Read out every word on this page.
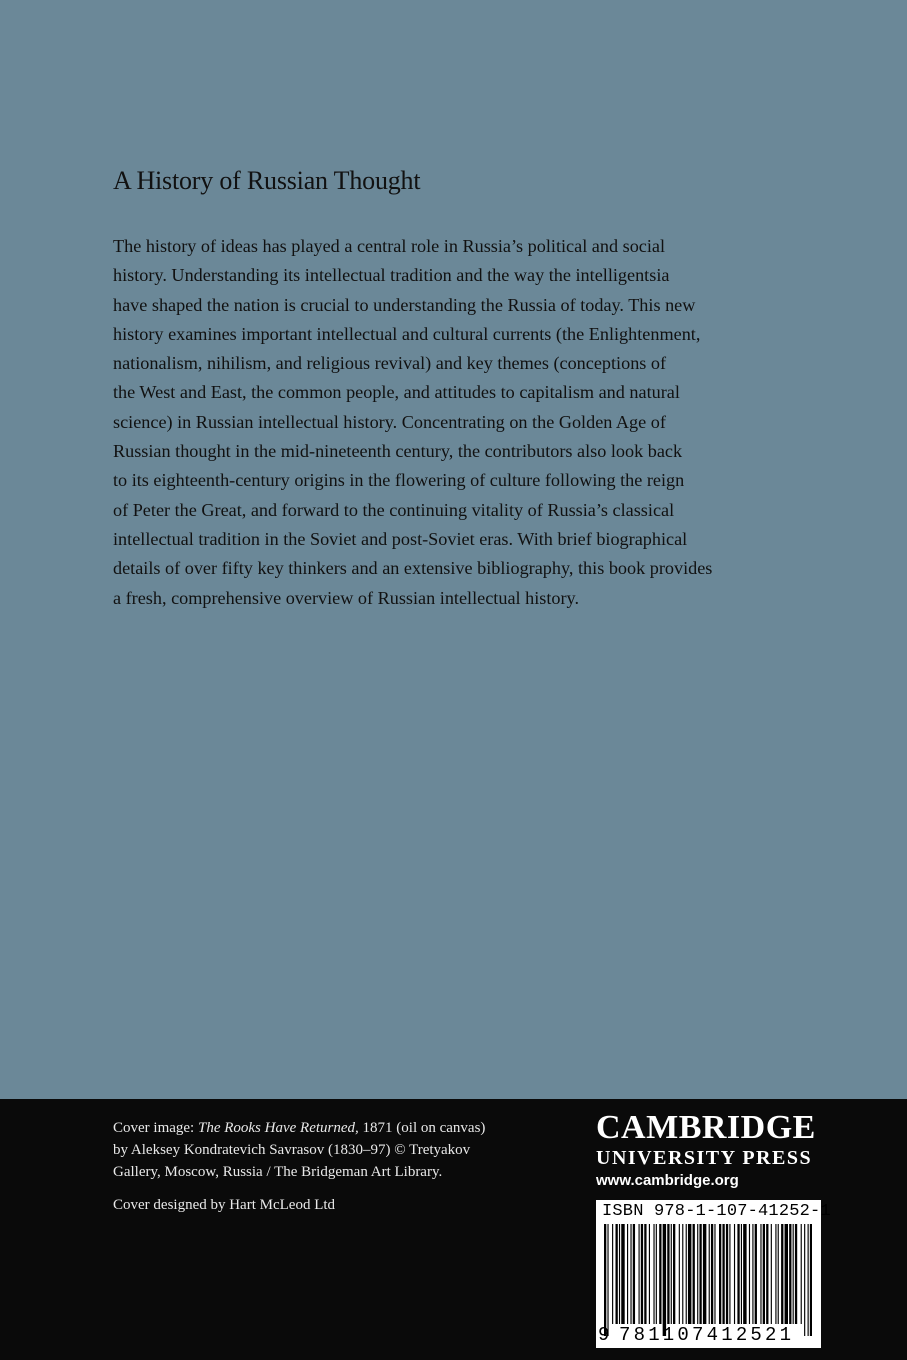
A History of Russian Thought
The history of ideas has played a central role in Russia’s political and social
history. Understanding its intellectual tradition and the way the intelligentsia
have shaped the nation is crucial to understanding the Russia of today. This new
history examines important intellectual and cultural currents (the Enlightenment,
nationalism, nihilism, and religious revival) and key themes (conceptions of
the West and East, the common people, and attitudes to capitalism and natural
science) in Russian intellectual history. Concentrating on the Golden Age of
Russian thought in the mid-nineteenth century, the contributors also look back
to its eighteenth-century origins in the flowering of culture following the reign
of Peter the Great, and forward to the continuing vitality of Russia’s classical
intellectual tradition in the Soviet and post-Soviet eras. With brief biographical
details of over fifty key thinkers and an extensive bibliography, this book provides
a fresh, comprehensive overview of Russian intellectual history.
Cover image: The Rooks Have Returned, 1871 (oil on canvas)
by Aleksey Kondratevich Savrasov (1830–97) © Tretyakov
Gallery, Moscow, Russia / The Bridgeman Art Library.
Cover designed by Hart McLeod Ltd
CAMBRIDGE
UNIVERSITY PRESS
www.cambridge.org
ISBN 978-1-107-41252-1
9 781107412521
